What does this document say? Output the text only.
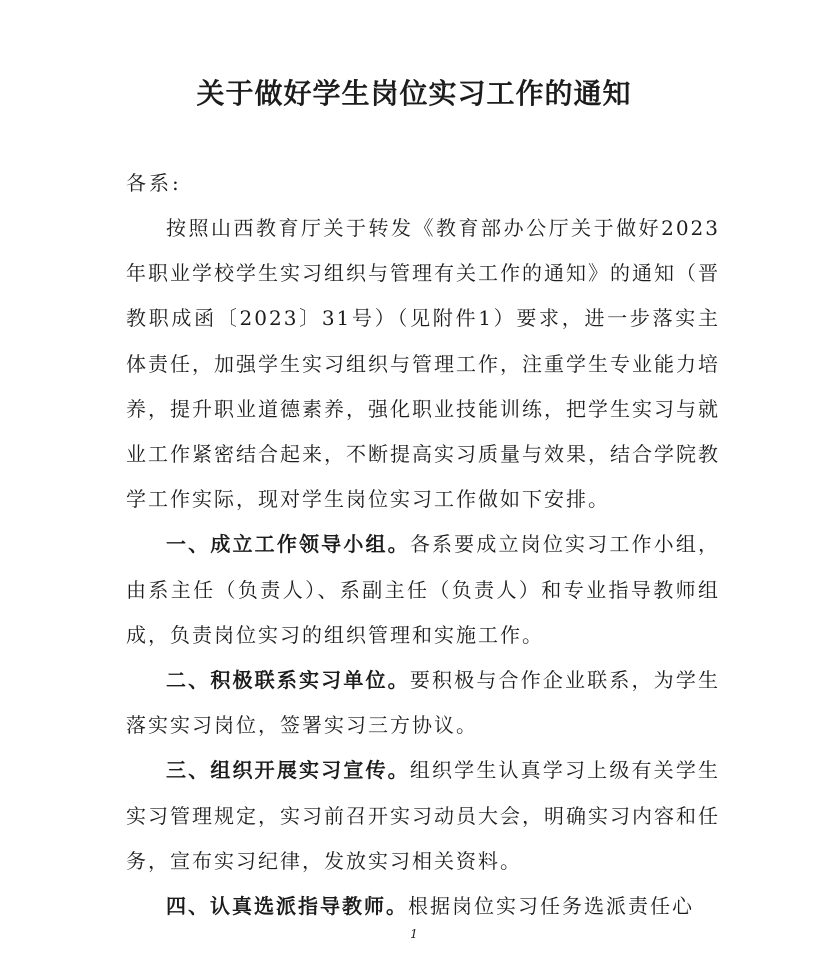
关于做好学生岗位实习工作的通知
各系:

按照山西教育厅关于转发《教育部办公厅关于做好2023年职业学校学生实习组织与管理有关工作的通知》的通知（晋教职成函〔2023〕31号）（见附件1）要求，进一步落实主体责任，加强学生实习组织与管理工作，注重学生专业能力培养，提升职业道德素养，强化职业技能训练，把学生实习与就业工作紧密结合起来，不断提高实习质量与效果，结合学院教学工作实际，现对学生岗位实习工作做如下安排。

一、成立工作领导小组。各系要成立岗位实习工作小组，由系主任（负责人）、系副主任（负责人）和专业指导教师组成，负责岗位实习的组织管理和实施工作。

二、积极联系实习单位。要积极与合作企业联系，为学生落实实习岗位，签署实习三方协议。

三、组织开展实习宣传。组织学生认真学习上级有关学生实习管理规定，实习前召开实习动员大会，明确实习内容和任务，宣布实习纪律，发放实习相关资料。

四、认真选派指导教师。根据岗位实习任务选派责任心

1
